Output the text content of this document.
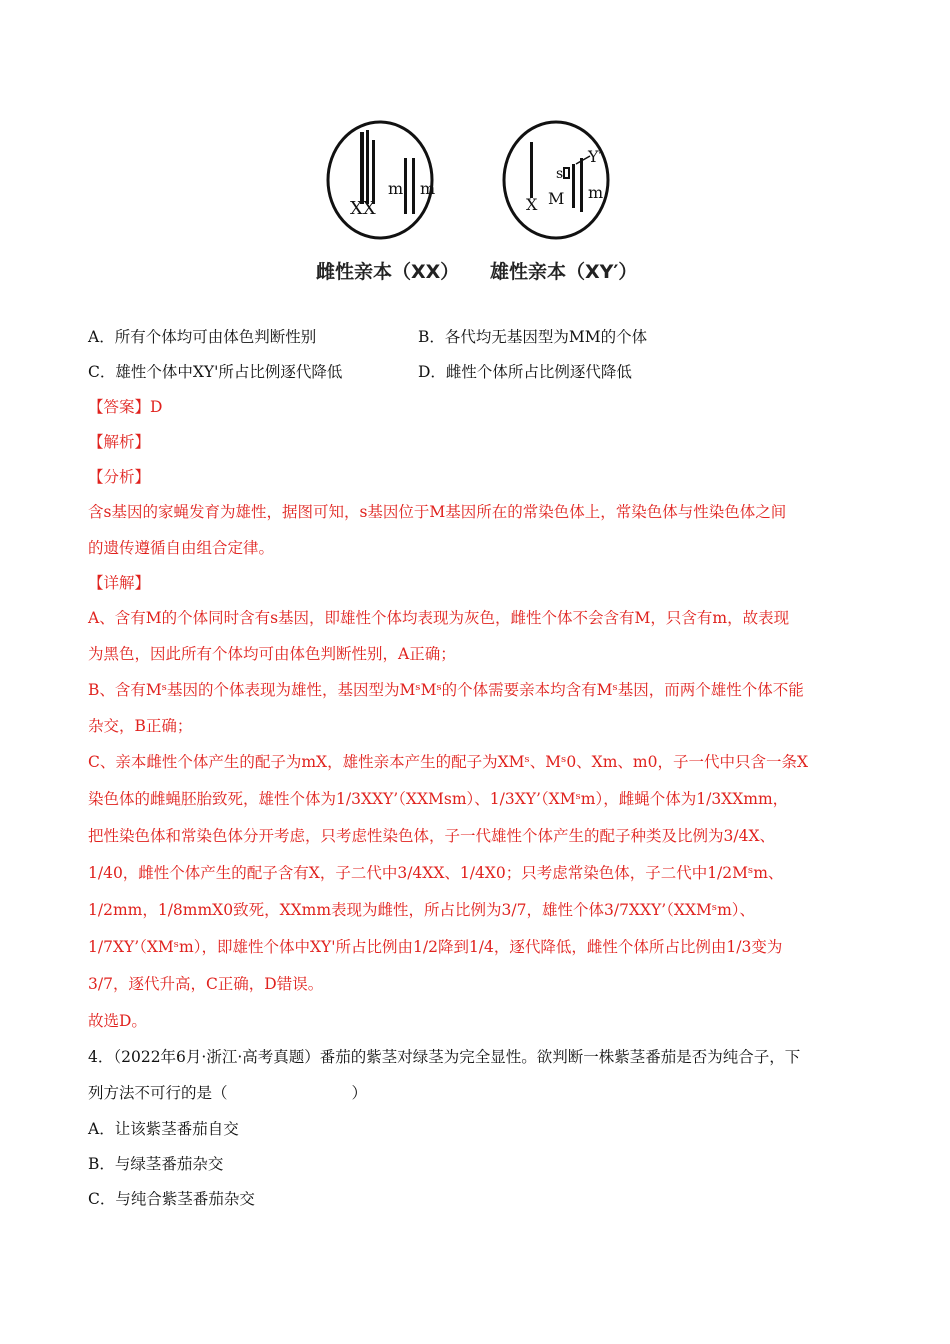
XX
m m
X
s
M
Y′
m
雌性亲本（XX） 雄性亲本（XY′）
A．所有个体均可由体色判断性别	B．各代均无基因型为MM的个体
C．雄性个体中XY'所占比例逐代降低	D．雌性个体所占比例逐代降低
【答案】D
【解析】
【分析】
含s基因的家蝇发育为雄性，据图可知，s基因位于M基因所在的常染色体上，常染色体与性染色体之间
的遗传遵循自由组合定律。
【详解】
A、含有M的个体同时含有s基因，即雄性个体均表现为灰色，雌性个体不会含有M，只含有m，故表现
为黑色，因此所有个体均可由体色判断性别，A正确；
B、含有Mˢ基因的个体表现为雄性，基因型为MˢMˢ的个体需要亲本均含有Mˢ基因，而两个雄性个体不能
杂交，B正确；
C、亲本雌性个体产生的配子为mX，雄性亲本产生的配子为XMˢ、Mˢ0、Xm、m0，子一代中只含一条X
染色体的雌蝇胚胎致死，雄性个体为1/3XXY’（XXMsm）、1/3XY’（XMˢm），雌蝇个体为1/3XXmm，
把性染色体和常染色体分开考虑，只考虑性染色体，子一代雄性个体产生的配子种类及比例为3/4X、
1/40，雌性个体产生的配子含有X，子二代中3/4XX、1/4X0；只考虑常染色体，子二代中1/2Mˢm、
1/2mm，1/8mmX0致死，XXmm表现为雌性，所占比例为3/7，雄性个体3/7XXY’（XXMˢm）、
1/7XY’（XMˢm），即雄性个体中XY'所占比例由1/2降到1/4，逐代降低，雌性个体所占比例由1/3变为
3/7，逐代升高，C正确，D错误。
故选D。
4．（2022年6月·浙江·高考真题）番茄的紫茎对绿茎为完全显性。欲判断一株紫茎番茄是否为纯合子，下
列方法不可行的是（　　　　　　　　）
A．让该紫茎番茄自交
B．与绿茎番茄杂交
C．与纯合紫茎番茄杂交
